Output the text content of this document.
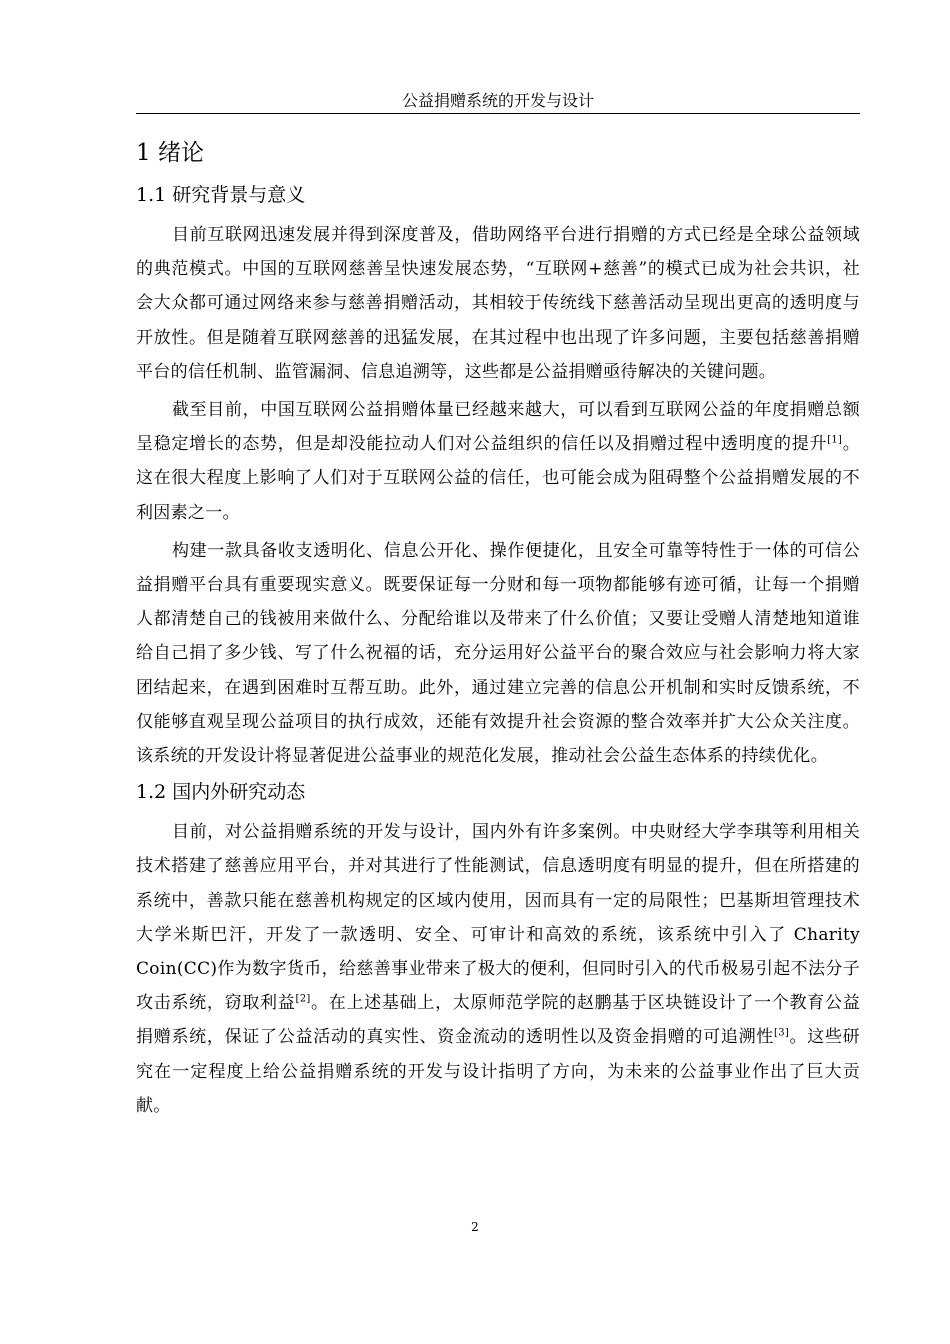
公益捐赠系统的开发与设计
1 绪论
1.1 研究背景与意义

目前互联网迅速发展并得到深度普及，借助网络平台进行捐赠的方式已经是全球公益领域的典范模式。中国的互联网慈善呈快速发展态势，“互联网+慈善”的模式已成为社会共识，社会大众都可通过网络来参与慈善捐赠活动，其相较于传统线下慈善活动呈现出更高的透明度与开放性。但是随着互联网慈善的迅猛发展，在其过程中也出现了许多问题，主要包括慈善捐赠平台的信任机制、监管漏洞、信息追溯等，这些都是公益捐赠亟待解决的关键问题。

截至目前，中国互联网公益捐赠体量已经越来越大，可以看到互联网公益的年度捐赠总额呈稳定增长的态势，但是却没能拉动人们对公益组织的信任以及捐赠过程中透明度的提升[1]。这在很大程度上影响了人们对于互联网公益的信任，也可能会成为阻碍整个公益捐赠发展的不利因素之一。

构建一款具备收支透明化、信息公开化、操作便捷化，且安全可靠等特性于一体的可信公益捐赠平台具有重要现实意义。既要保证每一分财和每一项物都能够有迹可循，让每一个捐赠人都清楚自己的钱被用来做什么、分配给谁以及带来了什么价值；又要让受赠人清楚地知道谁给自己捐了多少钱、写了什么祝福的话，充分运用好公益平台的聚合效应与社会影响力将大家团结起来，在遇到困难时互帮互助。此外，通过建立完善的信息公开机制和实时反馈系统，不仅能够直观呈现公益项目的执行成效，还能有效提升社会资源的整合效率并扩大公众关注度。该系统的开发设计将显著促进公益事业的规范化发展，推动社会公益生态体系的持续优化。

1.2 国内外研究动态

目前，对公益捐赠系统的开发与设计，国内外有许多案例。中央财经大学李琪等利用相关技术搭建了慈善应用平台，并对其进行了性能测试，信息透明度有明显的提升，但在所搭建的系统中，善款只能在慈善机构规定的区域内使用，因而具有一定的局限性；巴基斯坦管理技术大学米斯巴汗，开发了一款透明、安全、可审计和高效的系统，该系统中引入了 Charity Coin(CC)作为数字货币，给慈善事业带来了极大的便利，但同时引入的代币极易引起不法分子攻击系统，窃取利益[2]。在上述基础上，太原师范学院的赵鹏基于区块链设计了一个教育公益捐赠系统，保证了公益活动的真实性、资金流动的透明性以及资金捐赠的可追溯性[3]。这些研究在一定程度上给公益捐赠系统的开发与设计指明了方向，为未来的公益事业作出了巨大贡献。

2
